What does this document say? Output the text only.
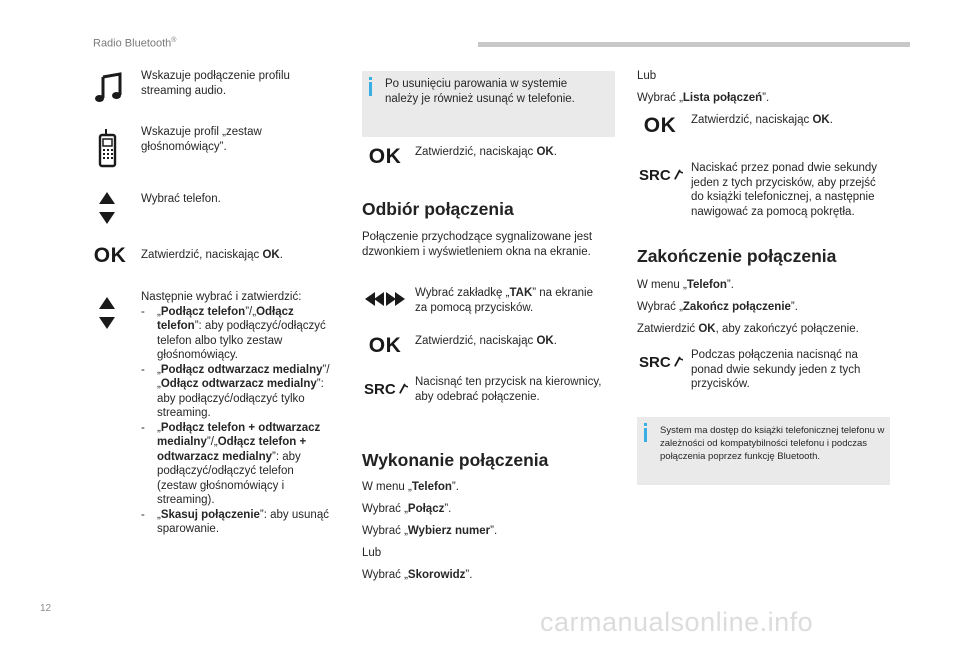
Radio Bluetooth®
Wskazuje podłączenie profilu streaming audio.
Wskazuje profil „zestaw głośnomówiący”.
Wybrać telefon.
OK Zatwierdzić, naciskając OK.
Następnie wybrać i zatwierdzić:
- „Podłącz telefon”/„Odłącz telefon”: aby podłączyć/odłączyć telefon albo tylko zestaw głośnomówiący.
- „Podłącz odtwarzacz medialny”/„Odłącz odtwarzacz medialny”: aby podłączyć/odłączyć tylko streaming.
- „Podłącz telefon + odtwarzacz medialny”/„Odłącz telefon + odtwarzacz medialny”: aby podłączyć/odłączyć telefon (zestaw głośnomówiący i streaming).
- „Skasuj połączenie”: aby usunąć sparowanie.
Po usunięciu parowania w systemie należy je również usunąć w telefonie.
OK Zatwierdzić, naciskając OK.
Odbiór połączenia
Połączenie przychodzące sygnalizowane jest dzwonkiem i wyświetleniem okna na ekranie.
Wybrać zakładkę „TAK” na ekranie za pomocą przycisków.
OK Zatwierdzić, naciskając OK.
SRC Nacisnąć ten przycisk na kierownicy, aby odebrać połączenie.
Wykonanie połączenia
W menu „Telefon”.
Wybrać „Połącz”.
Wybrać „Wybierz numer”.
Lub
Wybrać „Skorowidz”.
Lub
Wybrać „Lista połączeń”.
OK Zatwierdzić, naciskając OK.
SRC Naciskać przez ponad dwie sekundy jeden z tych przycisków, aby przejść do książki telefonicznej, a następnie nawigować za pomocą pokrętła.
Zakończenie połączenia
W menu „Telefon”.
Wybrać „Zakończ połączenie”.
Zatwierdzić OK, aby zakończyć połączenie.
SRC Podczas połączenia nacisnąć na ponad dwie sekundy jeden z tych przycisków.
System ma dostęp do książki telefonicznej telefonu w zależności od kompatybilności telefonu i podczas połączenia poprzez funkcję Bluetooth.
12	carmanualsonline.info
